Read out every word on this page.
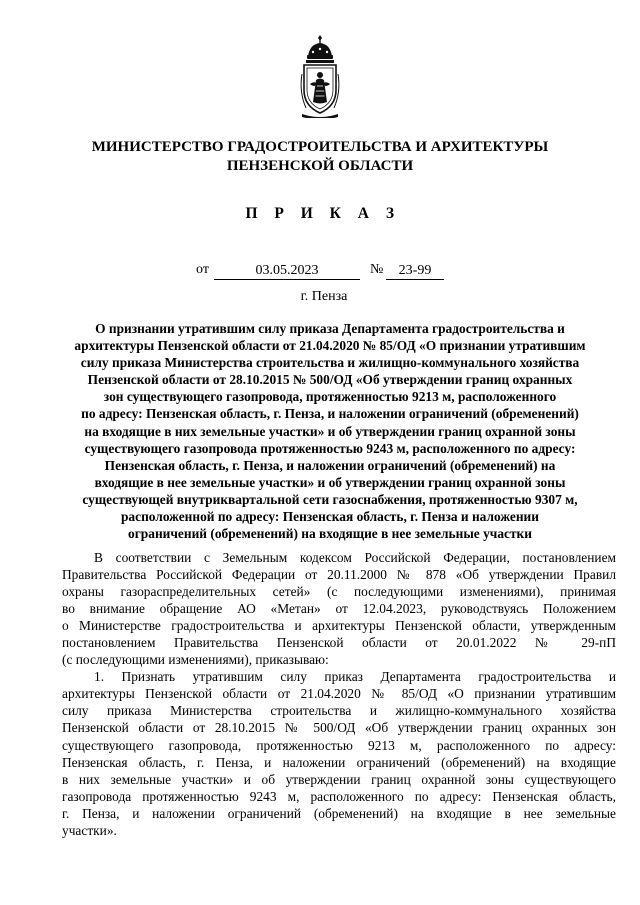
МИНИСТЕРСТВО ГРАДОСТРОИТЕЛЬСТВА И АРХИТЕКТУРЫ
ПЕНЗЕНСКОЙ ОБЛАСТИ
П Р И К А З
от	03.05.2023	№	23-99
г. Пенза
О признании утратившим силу приказа Департамента градостроительства и
архитектуры Пензенской области от 21.04.2020 № 85/ОД «О признании утратившим
силу приказа Министерства строительства и жилищно-коммунального хозяйства
Пензенской области от 28.10.2015 № 500/ОД «Об утверждении границ охранных
зон существующего газопровода, протяженностью 9213 м, расположенного
по адресу: Пензенская область, г. Пенза, и наложении ограничений (обременений)
на входящие в них земельные участки» и об утверждении границ охранной зоны
существующего газопровода протяженностью 9243 м, расположенного по адресу:
Пензенская область, г. Пенза, и наложении ограничений (обременений) на
входящие в нее земельные участки» и об утверждении границ охранной зоны
существующей внутриквартальной сети газоснабжения, протяженностью 9307 м,
расположенной по адресу: Пензенская область, г. Пенза и наложении
ограничений (обременений) на входящие в нее земельные участки
В соответствии с Земельным кодексом Российской Федерации, постановлением
Правительства Российской Федерации от 20.11.2000 № 878 «Об утверждении Правил
охраны газораспределительных сетей» (с последующими изменениями), принимая
во внимание обращение АО «Метан» от 12.04.2023, руководствуясь Положением
о Министерстве градостроительства и архитектуры Пензенской области, утвержденным
постановлением Правительства Пензенской области от 20.01.2022 № 29-пП
(с последующими изменениями), приказываю:
1. Признать утратившим силу приказ Департамента градостроительства и
архитектуры Пензенской области от 21.04.2020 № 85/ОД «О признании утратившим
силу приказа Министерства строительства и жилищно-коммунального хозяйства
Пензенской области от 28.10.2015 № 500/ОД «Об утверждении границ охранных зон
существующего газопровода, протяженностью 9213 м, расположенного по адресу:
Пензенская область, г. Пенза, и наложении ограничений (обременений) на входящие
в них земельные участки» и об утверждении границ охранной зоны существующего
газопровода протяженностью 9243 м, расположенного по адресу: Пензенская область,
г. Пенза, и наложении ограничений (обременений) на входящие в нее земельные
участки».
